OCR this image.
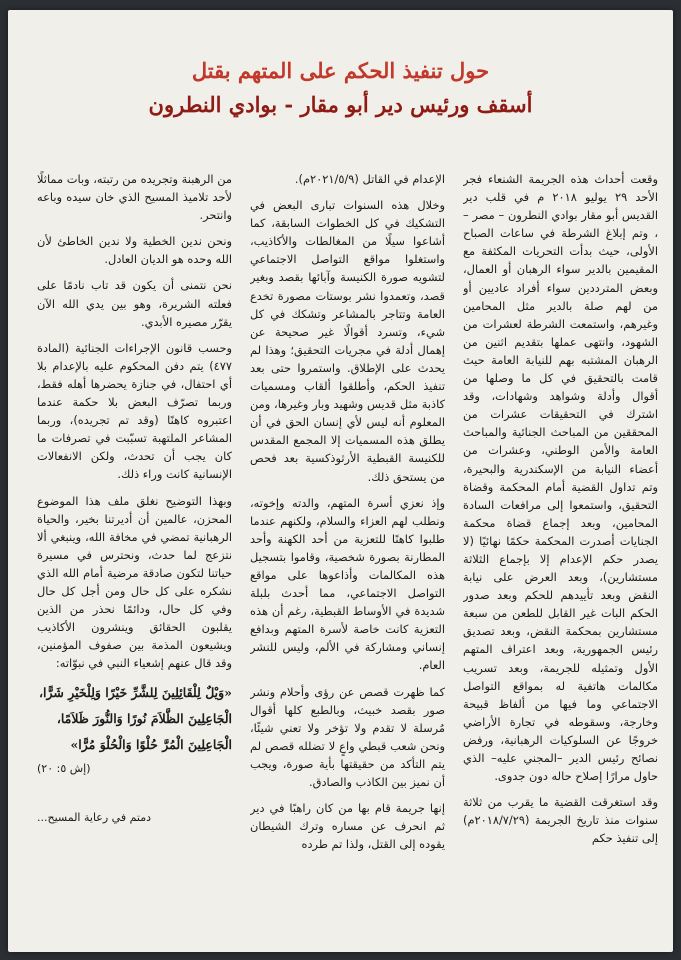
حول تنفيذ الحكم على المتهم بقتل
أسقف ورئيس دير أبو مقار - بوادي النطرون

وقعت أحداث هذه الجريمة الشنعاء فجر الأحد ٢٩ يوليو ٢٠١٨ م في قلب دير القديس أبو مقار بوادي النطرون – مصر – ، وتم إبلاغ الشرطة في ساعات الصباح الأولى، حيث بدأت التحريات المكثفة مع المقيمين بالدير سواء الرهبان أو العمال، وبعض المترددين سواء أفراد عاديين أو من لهم صلة بالدير مثل المحامين وغيرهم، واستمعت الشرطة لعشرات من الشهود، وانتهى عملها بتقديم اثنين من الرهبان المشتبه بهم للنيابة العامة حيث قامت بالتحقيق في كل ما وصلها من أقوال وأدلة وشواهد وشهادات، وقد اشترك في التحقيقات عشرات من المحققين من المباحث الجنائية والمباحث العامة والأمن الوطني، وعشرات من أعضاء النيابة من الإسكندرية والبحيرة، وتم تداول القضية أمام المحكمة وقضاة التحقيق، واستمعوا إلى مرافعات السادة المحامين، وبعد إجماع قضاة محكمة الجنايات أصدرت المحكمة حكمًا نهائيًا (لا يصدر حكم الإعدام إلا بإجماع الثلاثة مستشارين)، وبعد العرض على نيابة النقض وبعد تأييدهم للحكم وبعد صدور الحكم البات غير القابل للطعن من سبعة مستشارين بمحكمة النقض، وبعد تصديق رئيس الجمهورية، وبعد اعتراف المتهم الأول وتمثيله للجريمة، وبعد تسريب مكالمات هاتفية له بمواقع التواصل الاجتماعي وما فيها من ألفاظ قبيحة وخارجة، وسقوطه في تجارة الأراضي خروجًا عن السلوكيات الرهبانية، ورفض نصائح رئيس الدير –المجني عليه– الذي حاول مرارًا إصلاح حاله دون جدوى.

وقد استغرقت القضية ما يقرب من ثلاثة سنوات منذ تاريخ الجريمة (٢٠١٨/٧/٢٩م) إلى تنفيذ حكم

الإعدام في القاتل (٢٠٢١/٥/٩م).

وخلال هذه السنوات تبارى البعض في التشكيك في كل الخطوات السابقة، كما أشاعوا سيلًا من المغالطات والأكاذيب، واستغلوا مواقع التواصل الاجتماعي لتشويه صورة الكنيسة وآبائها بقصد وبغير قصد، وتعمدوا نشر بوستات مصورة تخدع العامة وتتاجر بالمشاعر وتشكك في كل شيء، وتسرد أقوالًا غير صحيحة عن إهمال أدلة في مجريات التحقيق؛ وهذا لم يحدث على الإطلاق. واستمروا حتى بعد تنفيذ الحكم، وأطلقوا ألقاب ومسميات كاذبة مثل قديس وشهيد وبار وغيرها، ومن المعلوم أنه ليس لأي إنسان الحق في أن يطلق هذه المسميات إلا المجمع المقدس للكنيسة القبطية الأرثوذكسية بعد فحص من يستحق ذلك.

وإذ نعزي أسرة المتهم، والدته وإخوته، ونطلب لهم العزاء والسلام، ولكنهم عندما طلبوا كاهنًا للتعزية من أحد الكهنة وأحد المطارنة بصورة شخصية، وقاموا بتسجيل هذه المكالمات وأذاعوها على مواقع التواصل الاجتماعي، مما أحدث بلبلة شديدة في الأوساط القبطية، رغم أن هذه التعزية كانت خاصة لأسرة المتهم وبدافع إنساني ومشاركة في الألم، وليس للنشر العام.

كما ظهرت قصص عن رؤى وأحلام ونشر صور بقصد خبيث، وبالطبع كلها أقوال مُرسلة لا تقدم ولا تؤخر ولا تعني شيئًا، ونحن شعب قبطي واعٍ لا تضلله قصص لم يتم التأكد من حقيقتها بأية صورة، ويجب أن نميز بين الكاذب والصادق.

إنها جريمة قام بها من كان راهبًا في دير ثم انحرف عن مساره وترك الشيطان يقوده إلى القتل، ولذا تم طرده

من الرهبنة وتجريده من رتبته، وبات مماثلًا لأحد تلاميذ المسيح الذي خان سيده وباعه وانتحر.

ونحن ندين الخطية ولا ندين الخاطئ لأن الله وحده هو الديان العادل.

نحن نتمنى أن يكون قد تاب نادمًا على فعلته الشريرة، وهو بين يدي الله الآن يقرّر مصيره الأبدي.

وحسب قانون الإجراءات الجنائية (المادة ٤٧٧) يتم دفن المحكوم عليه بالإعدام بلا أي احتفال، في جنازة يحضرها أهله فقط، وربما تصرّف البعض بلا حكمة عندما اعتبروه كاهنًا (وقد تم تجريده)، وربما المشاعر الملتهبة تسبّبت في تصرفات ما كان يجب أن تحدث، ولكن الانفعالات الإنسانية كانت وراء ذلك.

وبهذا التوضيح نغلق ملف هذا الموضوع المحزن، عالمين أن أديرتنا بخير، والحياة الرهبانية تمضي في مخافة الله، وينبغي ألا نتزعج لما حدث، ونحترس في مسيرة حياتنا لتكون صادقة مرضية أمام الله الذي نشكره على كل حال ومن أجل كل حال وفي كل حال، ودائمًا نحذر من الذين يقلبون الحقائق وينشرون الأكاذيب ويشيعون المذمة بين صفوف المؤمنين، وقد قال عنهم إشعياء النبي في نبوّاته:

«وَيْلٌ لِلْقَائِلِينَ لِلشَّرِّ خَيْرًا وَلِلْخَيْرِ شَرًّا،
الْجَاعِلِينَ الظَّلاَمَ نُورًا وَالنُّورَ ظَلاَمًا،
الْجَاعِلِينَ الْمُرَّ حُلْوًا وَالْحُلْوَ مُرًّا»
(إش ٥: ٢٠)
دمتم في رعاية المسيح...
